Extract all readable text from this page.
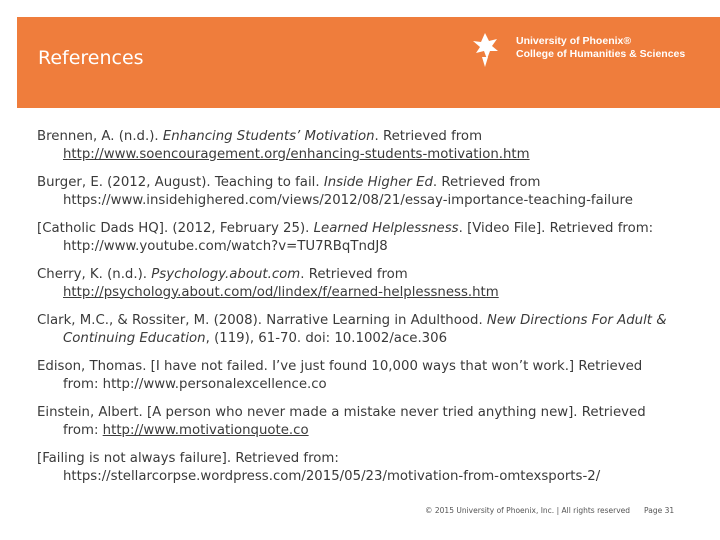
References
University of Phoenix®
College of Humanities & Sciences

Brennen, A. (n.d.). Enhancing Students’ Motivation. Retrieved from http://www.soencouragement.org/enhancing-students-motivation.htm

Burger, E. (2012, August). Teaching to fail. Inside Higher Ed. Retrieved from https://www.insidehighered.com/views/2012/08/21/essay-importance-teaching-failure

[Catholic Dads HQ]. (2012, February 25). Learned Helplessness. [Video File]. Retrieved from: http://www.youtube.com/watch?v=TU7RBqTndJ8

Cherry, K. (n.d.). Psychology.about.com. Retrieved from http://psychology.about.com/od/lindex/f/earned-helplessness.htm

Clark, M.C., & Rossiter, M. (2008). Narrative Learning in Adulthood. New Directions For Adult & Continuing Education, (119), 61-70. doi: 10.1002/ace.306

Edison, Thomas. [I have not failed. I’ve just found 10,000 ways that won’t work.] Retrieved from: http://www.personalexcellence.co

Einstein, Albert. [A person who never made a mistake never tried anything new]. Retrieved from: http://www.motivationquote.co

[Failing is not always failure]. Retrieved from: https://stellarcorpse.wordpress.com/2015/05/23/motivation-from-omtexsports-2/

© 2015 University of Phoenix, Inc. | All rights reserved Page 31
